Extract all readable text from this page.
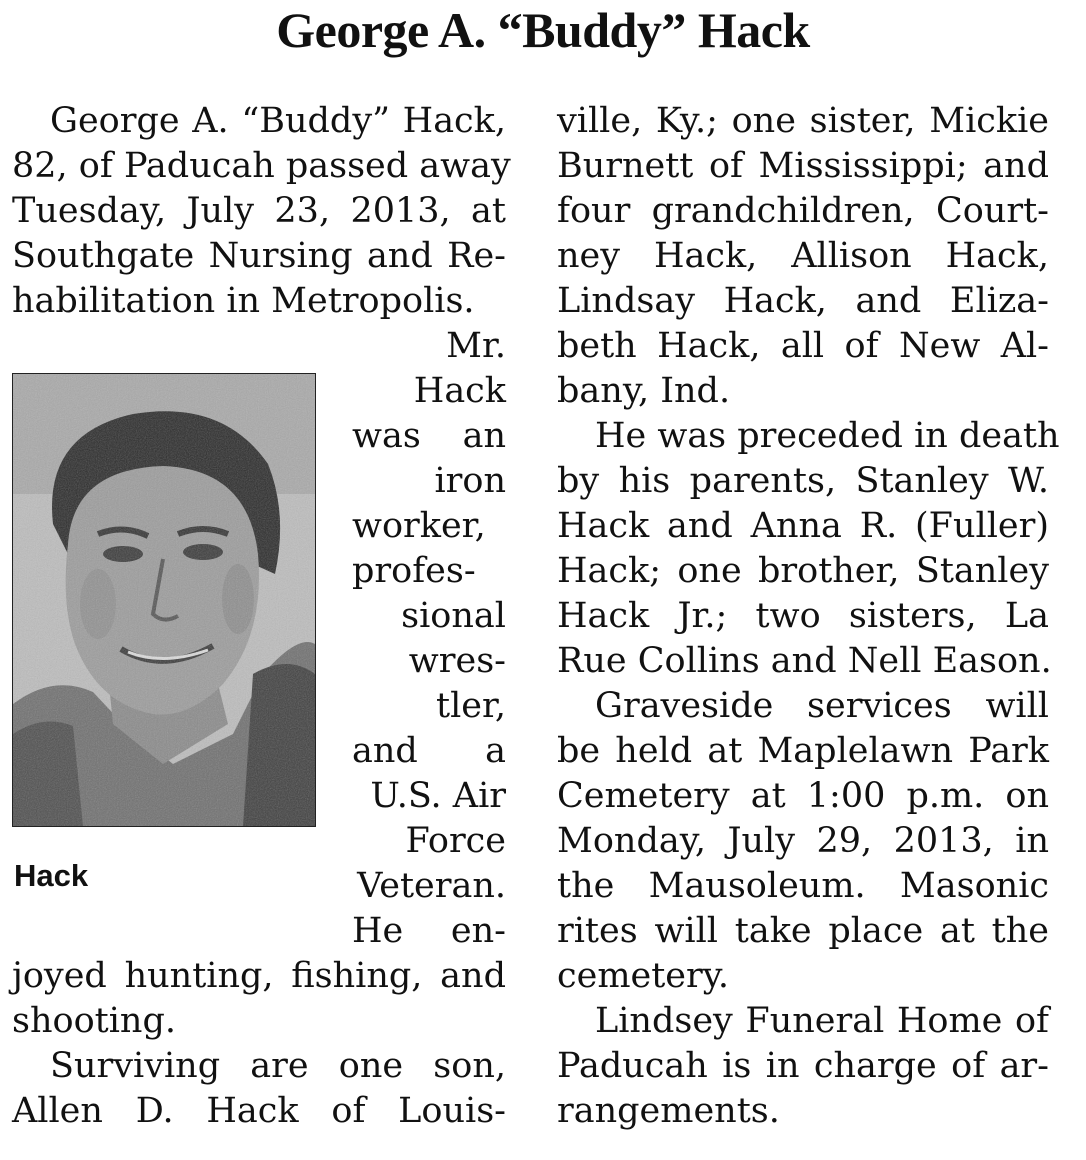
George A. “Buddy” Hack

George A. “Buddy” Hack,

82, of Paducah passed away

Tuesday, July 23, 2013, at

Southgate Nursing and Re-

habilitation in Metropolis.

Mr.

Hack

was an

iron

worker,

profes-

sional

wres-

tler,

and a

U.S. Air

Force

Veteran.

He en-

joyed hunting, fishing, and

shooting.

Surviving are one son,

Allen D. Hack of Louis-

Hack

ville, Ky.; one sister, Mickie

Burnett of Mississippi; and

four grandchildren, Court-

ney Hack, Allison Hack,

Lindsay Hack, and Eliza-

beth Hack, all of New Al-

bany, Ind.

He was preceded in death

by his parents, Stanley W.

Hack and Anna R. (Fuller)

Hack; one brother, Stanley

Hack Jr.; two sisters, La

Rue Collins and Nell Eason.

Graveside services will

be held at Maplelawn Park

Cemetery at 1:00 p.m. on

Monday, July 29, 2013, in

the Mausoleum. Masonic

rites will take place at the

cemetery.

Lindsey Funeral Home of

Paducah is in charge of ar-

rangements.
